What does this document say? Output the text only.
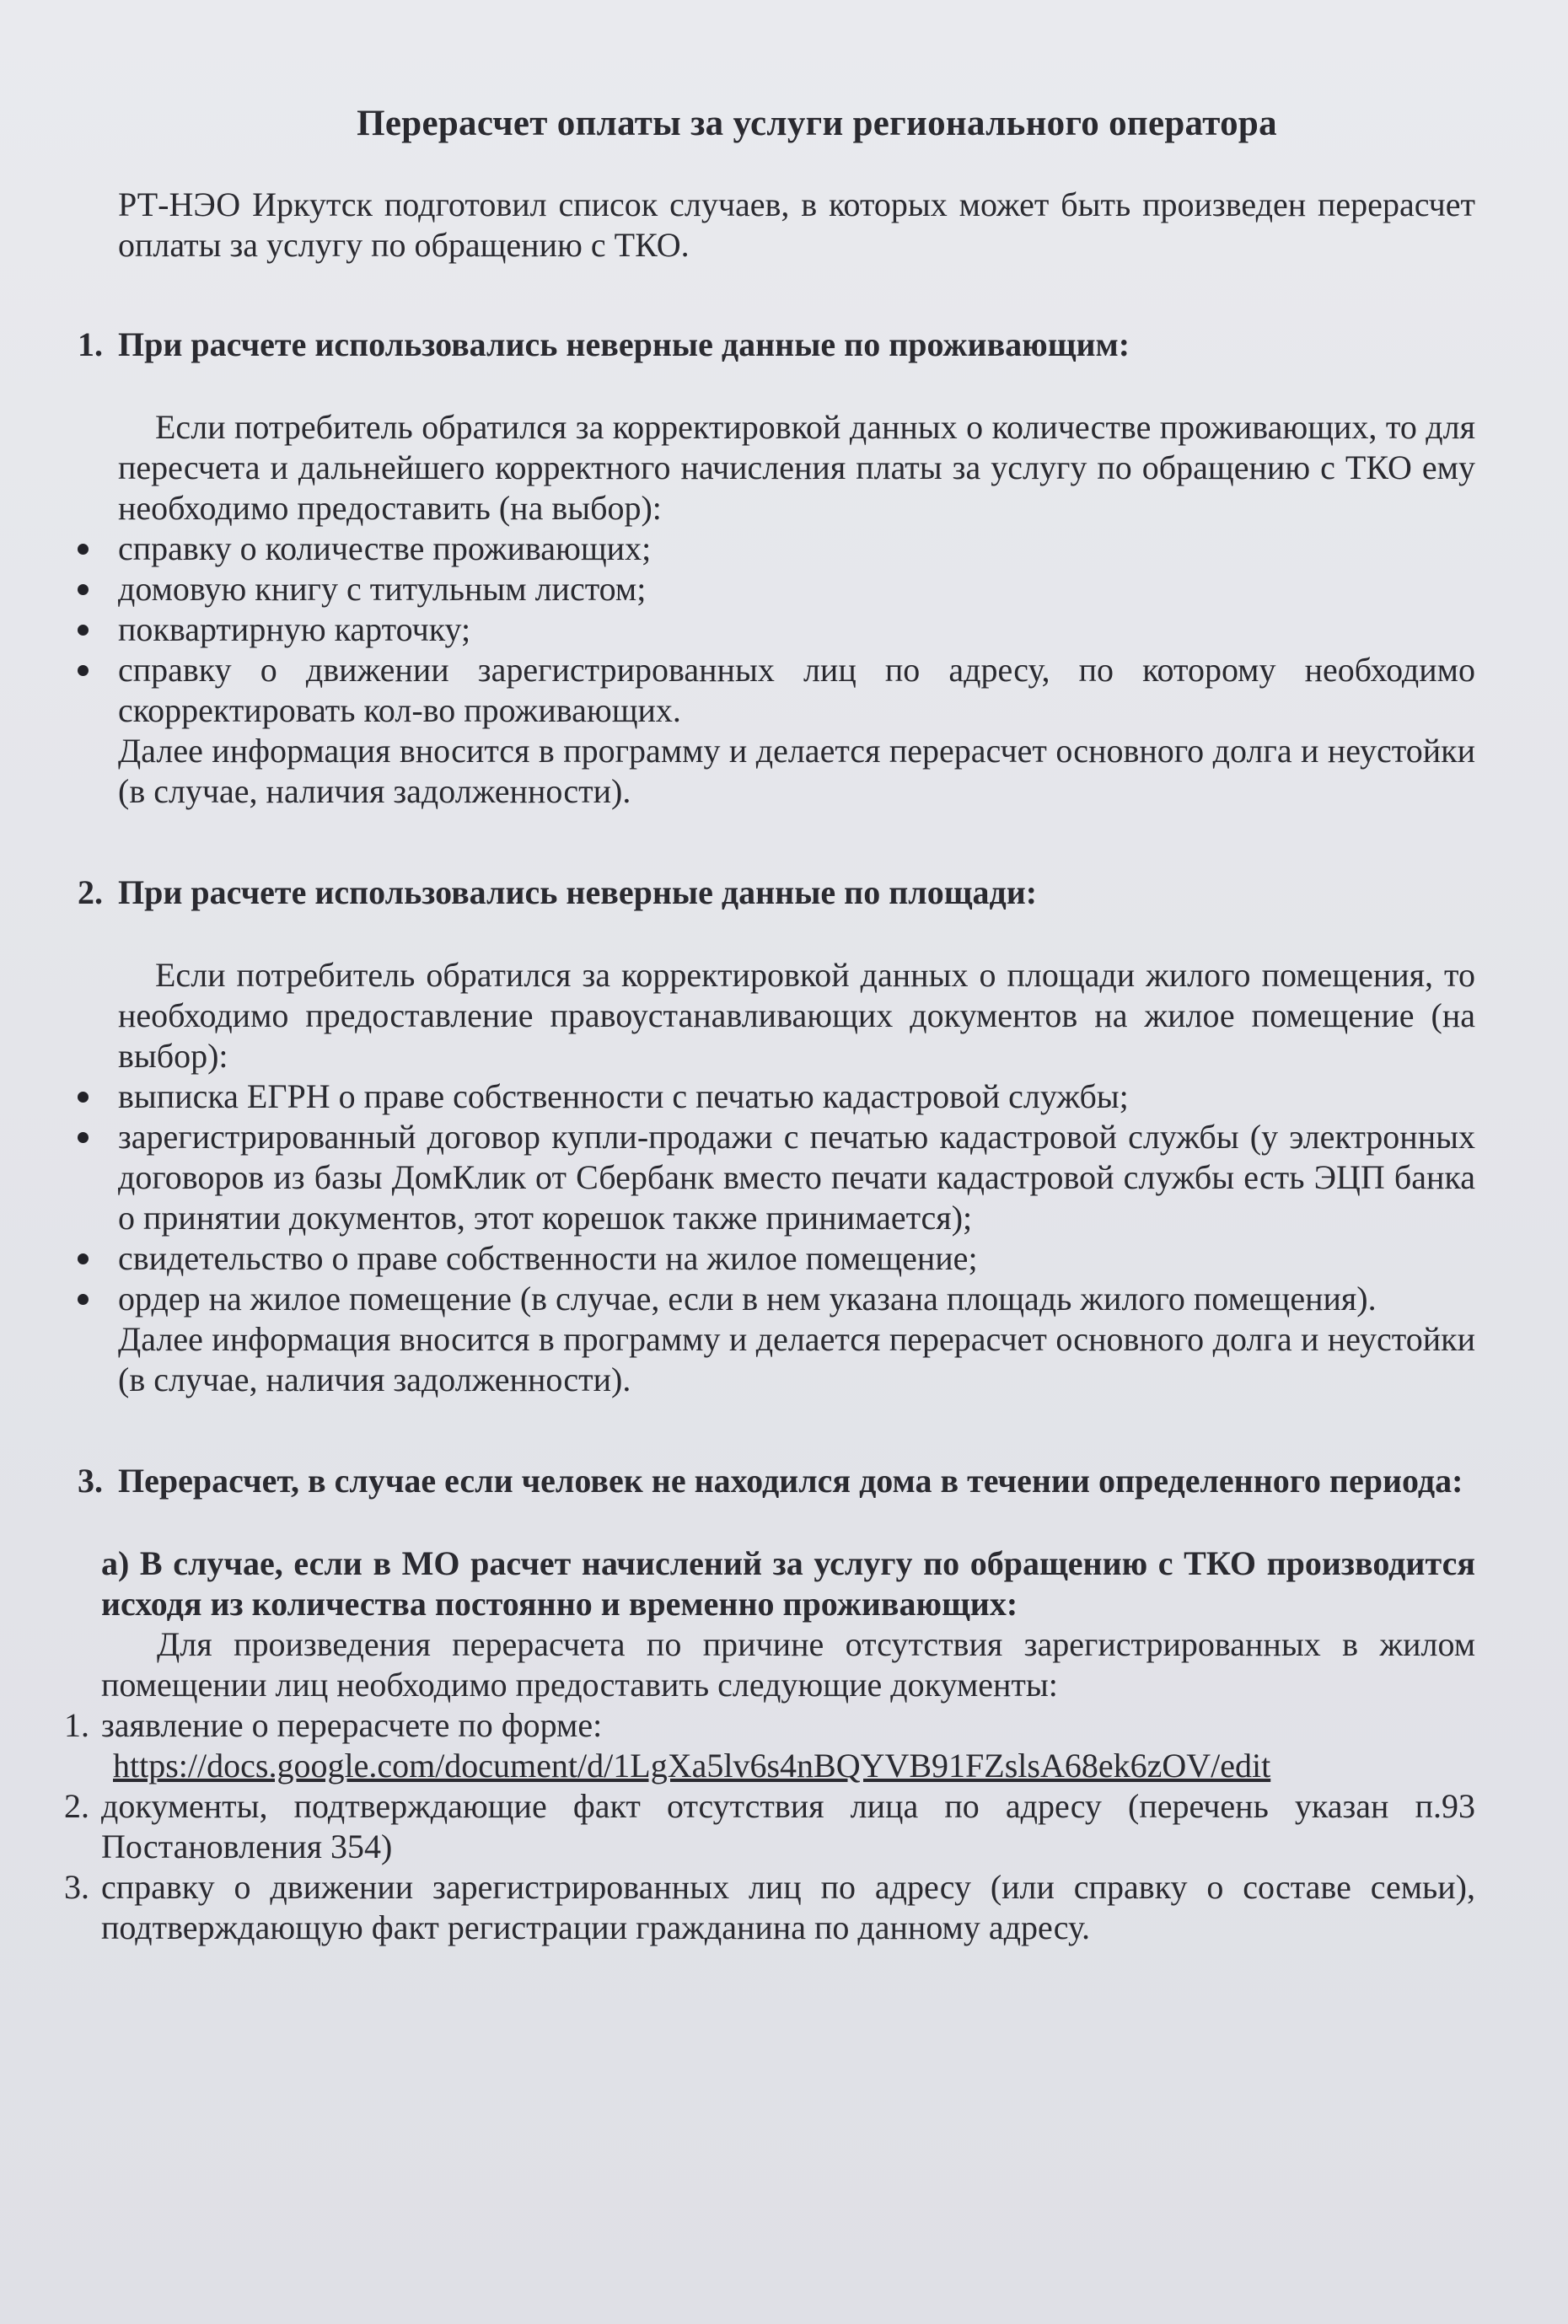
Перерасчет оплаты за услуги регионального оператора

РТ-НЭО Иркутск подготовил список случаев, в которых может быть произведен перерасчет оплаты за услугу по обращению с ТКО.

1. При расчете использовались неверные данные по проживающим:

Если потребитель обратился за корректировкой данных о количестве проживающих, то для пересчета и дальнейшего корректного начисления платы за услугу по обращению с ТКО ему необходимо предоставить (на выбор):

справку о количестве проживающих;
домовую книгу с титульным листом;
поквартирную карточку;
справку о движении зарегистрированных лиц по адресу, по которому необходимо скорректировать кол-во проживающих.

Далее информация вносится в программу и делается перерасчет основного долга и неустойки (в случае, наличия задолженности).

2. При расчете использовались неверные данные по площади:

Если потребитель обратился за корректировкой данных о площади жилого помещения, то необходимо предоставление правоустанавливающих документов на жилое помещение (на выбор):

выписка ЕГРН о праве собственности с печатью кадастровой службы;
зарегистрированный договор купли-продажи с печатью кадастровой службы (у электронных договоров из базы ДомКлик от Сбербанк вместо печати кадастровой службы есть ЭЦП банка о принятии документов, этот корешок также принимается);
свидетельство о праве собственности на жилое помещение;
ордер на жилое помещение (в случае, если в нем указана площадь жилого помещения).

Далее информация вносится в программу и делается перерасчет основного долга и неустойки (в случае, наличия задолженности).

3. Перерасчет, в случае если человек не находился дома в течении определенного периода:

а) В случае, если в МО расчет начислений за услугу по обращению с ТКО производится исходя из количества постоянно и временно проживающих:

Для произведения перерасчета по причине отсутствия зарегистрированных в жилом помещении лиц необходимо предоставить следующие документы:

1. заявление о перерасчете по форме:
https://docs.google.com/document/d/1LgXa5lv6s4nBQYVB91FZslsA68ek6zOV/edit
2. документы, подтверждающие факт отсутствия лица по адресу (перечень указан п.93 Постановления 354)
3. справку о движении зарегистрированных лиц по адресу (или справку о составе семьи), подтверждающую факт регистрации гражданина по данному адресу.
